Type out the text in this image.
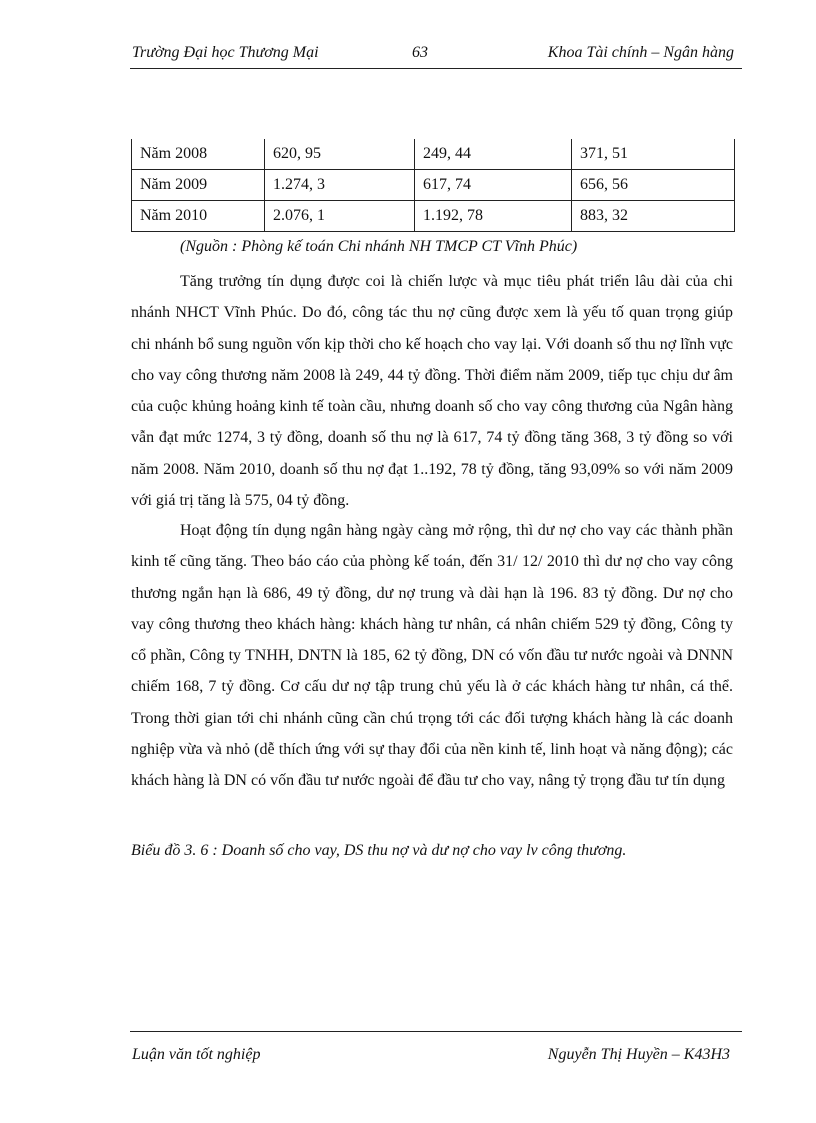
Trường Đại học Thương Mại	63	Khoa Tài chính – Ngân hàng
Năm 2008	620, 95	249, 44	371, 51
Năm 2009	1.274, 3	617, 74	656, 56
Năm 2010	2.076, 1	1.192, 78	883, 32
(Nguồn : Phòng kế toán Chi nhánh NH TMCP CT Vĩnh Phúc)

Tăng trưởng tín dụng được coi là chiến lược và mục tiêu phát triển lâu dài của chi nhánh NHCT Vĩnh Phúc. Do đó, công tác thu nợ cũng được xem là yếu tố quan trọng giúp chi nhánh bổ sung nguồn vốn kịp thời cho kế hoạch cho vay lại. Với doanh số thu nợ lĩnh vực cho vay công thương năm 2008 là 249, 44 tỷ đồng. Thời điểm năm 2009, tiếp tục chịu dư âm của cuộc khủng hoảng kinh tế toàn cầu, nhưng doanh số cho vay công thương của Ngân hàng vẫn đạt mức 1274, 3 tỷ đồng, doanh số thu nợ là 617, 74 tỷ đồng tăng 368, 3 tỷ đồng so với năm 2008. Năm 2010, doanh số thu nợ đạt 1..192, 78 tỷ đồng, tăng 93,09% so với năm 2009 với giá trị tăng là 575, 04 tỷ đồng.

Hoạt động tín dụng ngân hàng ngày càng mở rộng, thì dư nợ cho vay các thành phần kinh tế cũng tăng. Theo báo cáo của phòng kế toán, đến 31/ 12/ 2010 thì dư nợ cho vay công thương ngắn hạn là 686, 49 tỷ đồng, dư nợ trung và dài hạn là 196. 83 tỷ đồng. Dư nợ cho vay công thương theo khách hàng: khách hàng tư nhân, cá nhân chiếm 529 tỷ đồng, Công ty cổ phần, Công ty TNHH, DNTN là 185, 62 tỷ đồng, DN có vốn đầu tư nước ngoài và DNNN chiếm 168, 7 tỷ đồng. Cơ cấu dư nợ tập trung chủ yếu là ở các khách hàng tư nhân, cá thể. Trong thời gian tới chi nhánh cũng cần chú trọng tới các đối tượng khách hàng là các doanh nghiệp vừa và nhỏ (dễ thích ứng với sự thay đổi của nền kinh tế, linh hoạt và năng động); các khách hàng là DN có vốn đầu tư nước ngoài để đầu tư cho vay, nâng tỷ trọng đầu tư tín dụng

Biểu đồ 3. 6 : Doanh số cho vay, DS thu nợ và dư nợ cho vay lv công thương.
Luận văn tốt nghiệp	Nguyễn Thị Huyền – K43H3
